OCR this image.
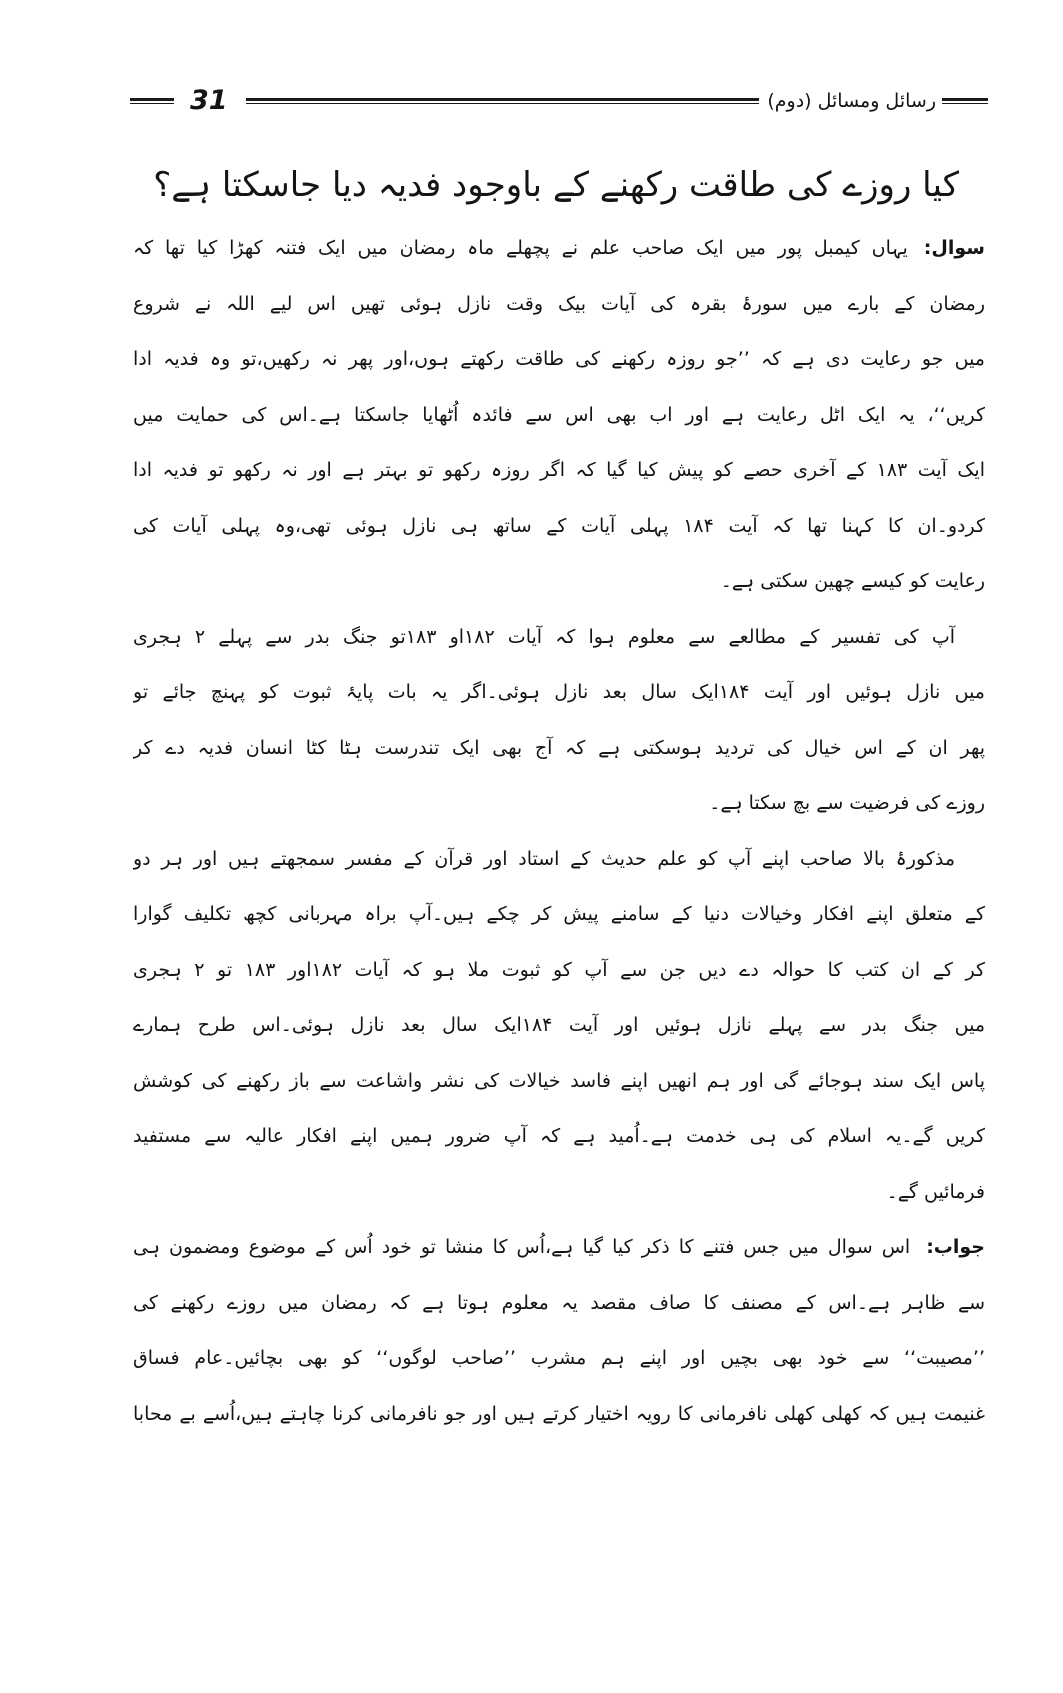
31	رسائل ومسائل (دوم)
کیا روزے کی طاقت رکھنے کے باوجود فدیہ دیا جاسکتا ہے؟
سوال:یہاں کیمبل پور میں ایک صاحب علم نے پچھلے ماہ رمضان میں ایک فتنہ کھڑا کیا تھا کہ
رمضان کے بارے میں سورۂ بقرہ کی آیات بیک وقت نازل ہوئی تھیں اس لیے اللہ نے شروع
میں جو رعایت دی ہے کہ ’’جو روزہ رکھنے کی طاقت رکھتے ہوں،اور پھر نہ رکھیں،تو وہ فدیہ ادا
کریں‘‘، یہ ایک اٹل رعایت ہے اور اب بھی اس سے فائدہ اُٹھایا جاسکتا ہے۔اس کی حمایت میں
ایک آیت ۱۸۳ کے آخری حصے کو پیش کیا گیا کہ اگر روزہ رکھو تو بہتر ہے اور نہ رکھو تو فدیہ ادا
کردو۔ان کا کہنا تھا کہ آیت ۱۸۴ پہلی آیات کے ساتھ ہی نازل ہوئی تھی،وہ پہلی آیات کی
رعایت کو کیسے چھین سکتی ہے۔
آپ کی تفسیر کے مطالعے سے معلوم ہوا کہ آیات ۱۸۲او ۱۸۳تو جنگ بدر سے پہلے ۲ ہجری
میں نازل ہوئیں اور آیت ۱۸۴ایک سال بعد نازل ہوئی۔اگر یہ بات پایۂ ثبوت کو پہنچ جائے تو
پھر ان کے اس خیال کی تردید ہوسکتی ہے کہ آج بھی ایک تندرست ہٹا کٹا انسان فدیہ دے کر
روزے کی فرضیت سے بچ سکتا ہے۔
مذکورۂ بالا صاحب اپنے آپ کو علم حدیث کے استاد اور قرآن کے مفسر سمجھتے ہیں اور ہر دو
کے متعلق اپنے افکار وخیالات دنیا کے سامنے پیش کر چکے ہیں۔آپ براہ مہربانی کچھ تکلیف گوارا
کر کے ان کتب کا حوالہ دے دیں جن سے آپ کو ثبوت ملا ہو کہ آیات ۱۸۲اور ۱۸۳ تو ۲ ہجری
میں جنگ بدر سے پہلے نازل ہوئیں اور آیت ۱۸۴ایک سال بعد نازل ہوئی۔اس طرح ہمارے
پاس ایک سند ہوجائے گی اور ہم انھیں اپنے فاسد خیالات کی نشر واشاعت سے باز رکھنے کی کوشش
کریں گے۔یہ اسلام کی ہی خدمت ہے۔اُمید ہے کہ آپ ضرور ہمیں اپنے افکار عالیہ سے مستفید
فرمائیں گے۔
جواب:اس سوال میں جس فتنے کا ذکر کیا گیا ہے،اُس کا منشا تو خود اُس کے موضوع ومضمون ہی
سے ظاہر ہے۔اس کے مصنف کا صاف مقصد یہ معلوم ہوتا ہے کہ رمضان میں روزے رکھنے کی
’’مصیبت‘‘ سے خود بھی بچیں اور اپنے ہم مشرب ’’صاحب لوگوں‘‘ کو بھی بچائیں۔عام فساق
غنیمت ہیں کہ کھلی کھلی نافرمانی کا رویہ اختیار کرتے ہیں اور جو نافرمانی کرنا چاہتے ہیں،اُسے بے محابا
